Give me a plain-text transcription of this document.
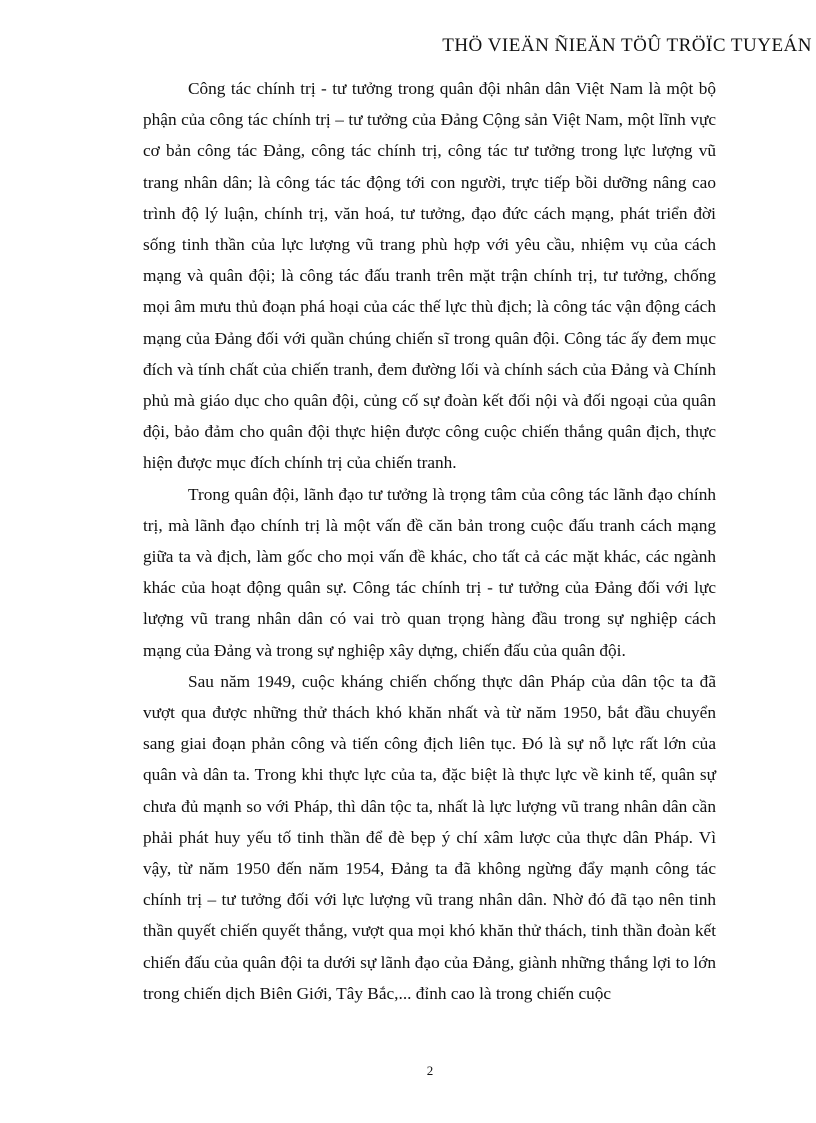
THÖ VIEÄN ÑIEÄN TÖÛ TRÖÏC TUYEÁN

Công tác chính trị - tư tưởng trong quân đội nhân dân Việt Nam là một bộ phận của công tác chính trị – tư tưởng của Đảng Cộng sản Việt Nam, một lĩnh vực cơ bản công tác Đảng, công tác chính trị, công tác tư tưởng trong lực lượng vũ trang nhân dân; là công tác tác động tới con người, trực tiếp bồi dưỡng nâng cao trình độ lý luận, chính trị, văn hoá, tư tưởng, đạo đức cách mạng, phát triển đời sống tinh thần của lực lượng vũ trang phù hợp với yêu cầu, nhiệm vụ của cách mạng và quân đội; là công tác đấu tranh trên mặt trận chính trị, tư tưởng, chống mọi âm mưu thủ đoạn phá hoại của các thế lực thù địch; là công tác vận động cách mạng của Đảng đối với quần chúng chiến sĩ trong quân đội. Công tác ấy đem mục đích và tính chất của chiến tranh, đem đường lối và chính sách của Đảng và Chính phủ mà giáo dục cho quân đội, củng cố sự đoàn kết đối nội và đối ngoại của quân đội, bảo đảm cho quân đội thực hiện được công cuộc chiến thắng quân địch, thực hiện được mục đích chính trị của chiến tranh.

Trong quân đội, lãnh đạo tư tưởng là trọng tâm của công tác lãnh đạo chính trị, mà lãnh đạo chính trị là một vấn đề căn bản trong cuộc đấu tranh cách mạng giữa ta và địch, làm gốc cho mọi vấn đề khác, cho tất cả các mặt khác, các ngành khác của hoạt động quân sự. Công tác chính trị - tư tưởng của Đảng đối với lực lượng vũ trang nhân dân có vai trò quan trọng hàng đầu trong sự nghiệp cách mạng của Đảng và trong sự nghiệp xây dựng, chiến đấu của quân đội.

Sau năm 1949, cuộc kháng chiến chống thực dân Pháp của dân tộc ta đã vượt qua được những thử thách khó khăn nhất và từ năm 1950, bắt đầu chuyển sang giai đoạn phản công và tiến công địch liên tục. Đó là sự nỗ lực rất lớn của quân và dân ta. Trong khi thực lực của ta, đặc biệt là thực lực về kinh tế, quân sự chưa đủ mạnh so với Pháp, thì dân tộc ta, nhất là lực lượng vũ trang nhân dân cần phải phát huy yếu tố tinh thần để đè bẹp ý chí xâm lược của thực dân Pháp. Vì vậy, từ năm 1950 đến năm 1954, Đảng ta đã không ngừng đẩy mạnh công tác chính trị – tư tưởng đối với lực lượng vũ trang nhân dân. Nhờ đó đã tạo nên tinh thần quyết chiến quyết thắng, vượt qua mọi khó khăn thử thách, tinh thần đoàn kết chiến đấu của quân đội ta dưới sự lãnh đạo của Đảng, giành những thắng lợi to lớn trong chiến dịch Biên Giới, Tây Bắc,... đỉnh cao là trong chiến cuộc

2
